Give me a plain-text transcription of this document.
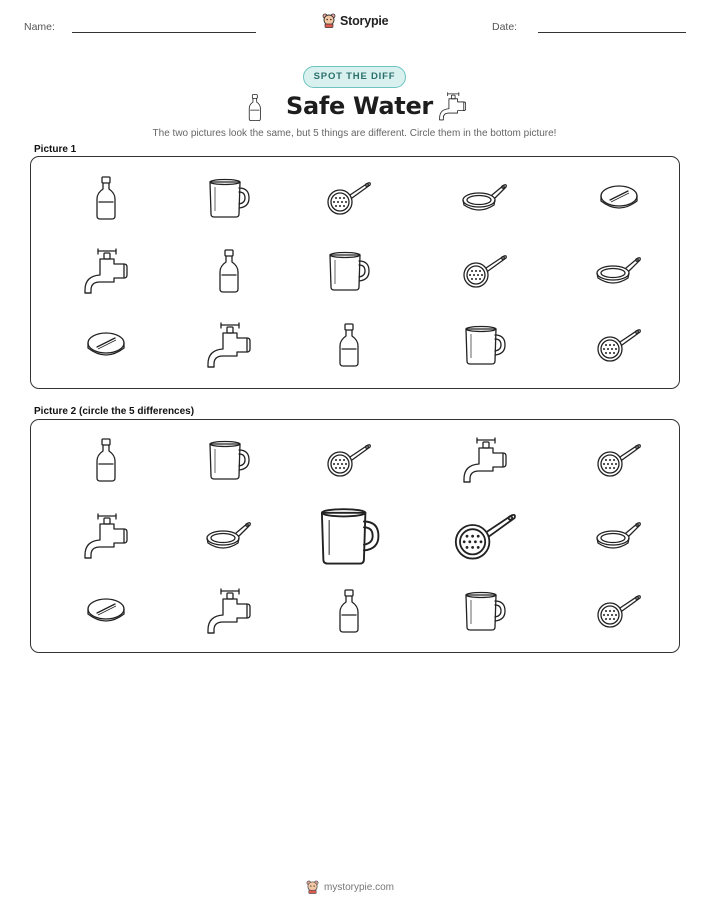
Name:	Storypie	Date:
SPOT THE DIFF
Safe Water
The two pictures look the same, but 5 things are different. Circle them in the bottom picture!
Picture 1
Picture 2 (circle the 5 differences)
mystorypie.com
